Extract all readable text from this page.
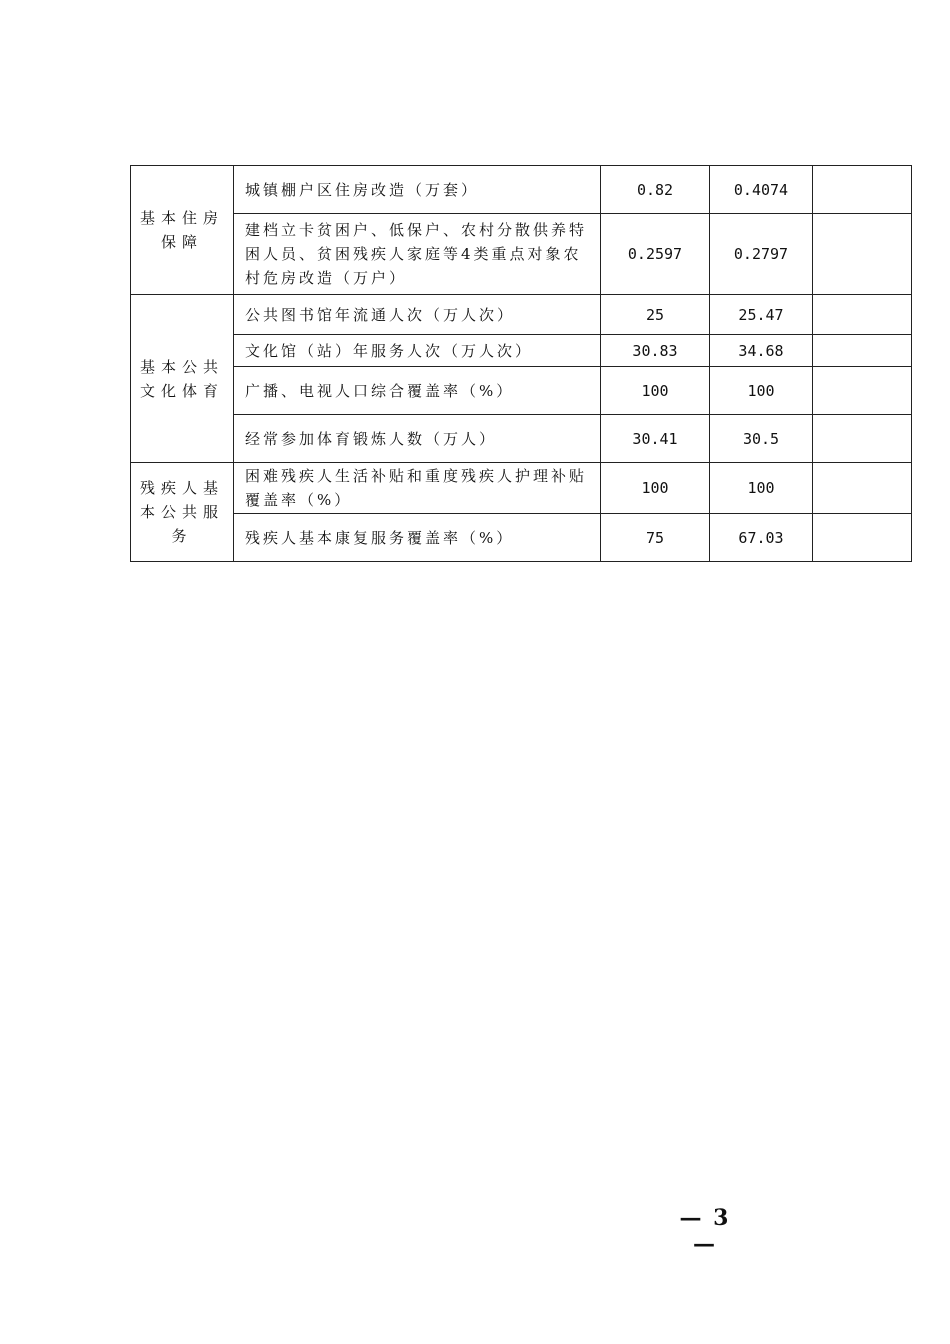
基本住房保障	城镇棚户区住房改造（万套）	0.82	0.4074	
	建档立卡贫困户、低保户、农村分散供养特困人员、贫困残疾人家庭等4类重点对象农村危房改造（万户）	0.2597	0.2797	
基本公共文化体育	公共图书馆年流通人次（万人次）	25	25.47	
	文化馆（站）年服务人次（万人次）	30.83	34.68	
	广播、电视人口综合覆盖率（%）	100	100	
	经常参加体育锻炼人数（万人）	30.41	30.5	
残疾人基本公共服务	困难残疾人生活补贴和重度残疾人护理补贴覆盖率（%）	100	100	
	残疾人基本康复服务覆盖率（%）	75	67.03	
— 3 —
